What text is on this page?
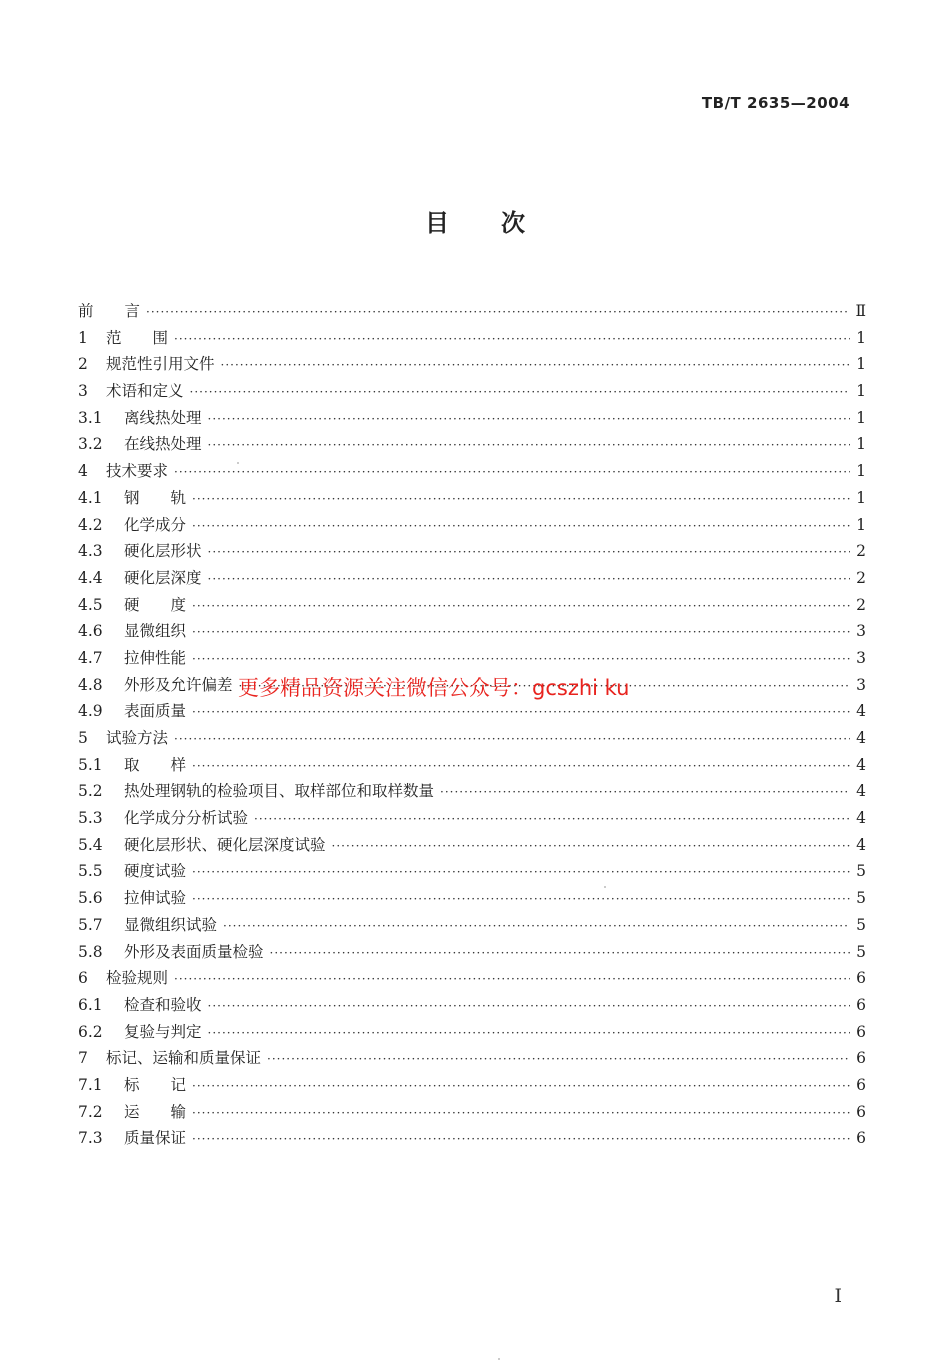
TB/T 2635—2004
目次
前　　言 ·····	Ⅱ
1	范　　围 ·····	1
2	规范性引用文件 ·····	1
3	术语和定义 ·····	1
3.1	离线热处理 ·····	1
3.2	在线热处理 ·····	1
4	技术要求 ·····	1
4.1	钢　　轨 ·····	1
4.2	化学成分 ·····	1
4.3	硬化层形状 ·····	2
4.4	硬化层深度 ·····	2
4.5	硬　　度 ·····	2
4.6	显微组织 ·····	3
4.7	拉伸性能 ·····	3
4.8	外形及允许偏差 ·····	3
4.9	表面质量 ·····	4
5	试验方法 ·····	4
5.1	取　　样 ·····	4
5.2	热处理钢轨的检验项目、取样部位和取样数量 ·····	4
5.3	化学成分分析试验 ·····	4
5.4	硬化层形状、硬化层深度试验 ·····	4
5.5	硬度试验 ·····	5
5.6	拉伸试验 ·····	5
5.7	显微组织试验 ·····	5
5.8	外形及表面质量检验 ·····	5
6	检验规则 ·····	6
6.1	检查和验收 ·····	6
6.2	复验与判定 ·····	6
7	标记、运输和质量保证 ·····	6
7.1	标　　记 ·····	6
7.2	运　　输 ·····	6
7.3	质量保证 ·····	6
更多精品资源关注微信公众号：gcszhi ku
I
